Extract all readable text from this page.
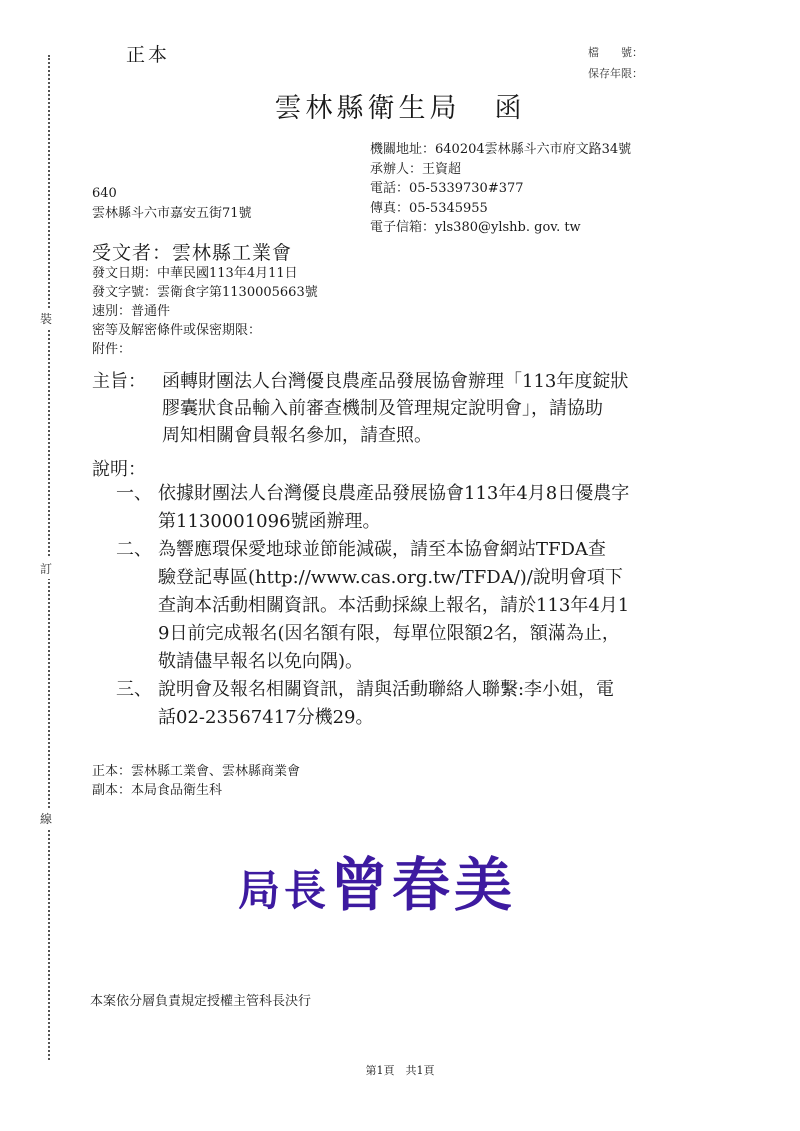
裝
訂
線
正本	檔　　號：
保存年限：
雲林縣衛生局 函
機關地址：640204雲林縣斗六市府文路34號
承辦人：王資超
電話：05-5339730#377
傳真：05-5345955
電子信箱：yls380@ylshb. gov. tw
640
雲林縣斗六市嘉安五街71號
受文者：雲林縣工業會
發文日期：中華民國113年4月11日
發文字號：雲衛食字第1130005663號
速別：普通件
密等及解密條件或保密期限：
附件：
主旨： 函轉財團法人台灣優良農產品發展協會辦理「113年度錠狀
膠囊狀食品輸入前審查機制及管理規定說明會」，請協助
周知相關會員報名參加，請查照。
說明：
一、 依據財團法人台灣優良農產品發展協會113年4月8日優農字
第1130001096號函辦理。
二、 為響應環保愛地球並節能減碳，請至本協會網站TFDA查
驗登記專區(http://www.cas.org.tw/TFDA/)/說明會項下
查詢本活動相關資訊。本活動採線上報名，請於113年4月1
9日前完成報名(因名額有限，每單位限額2名，額滿為止，
敬請儘早報名以免向隅)。
三、 說明會及報名相關資訊，請與活動聯絡人聯繫:李小姐，電
話02-23567417分機29。
正本：雲林縣工業會、雲林縣商業會
副本：本局食品衛生科
局長曾春美
本案依分層負責規定授權主管科長決行
第1頁　共1頁
